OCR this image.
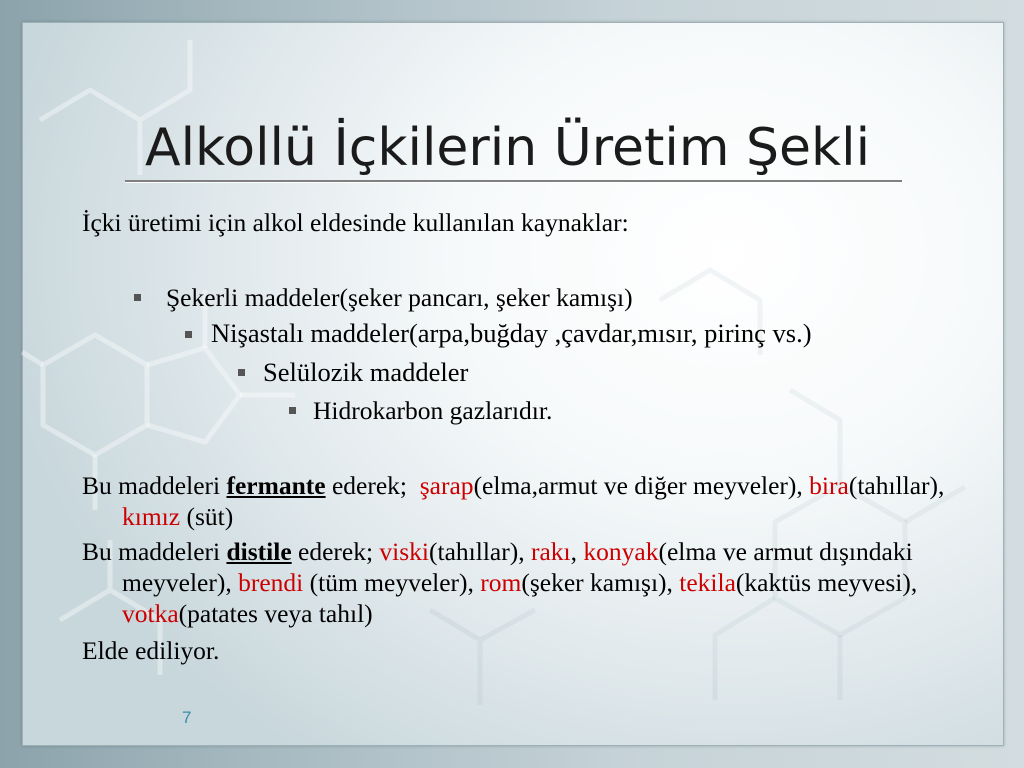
Alkollü İçkilerin Üretim Şekli
İçki üretimi için alkol eldesinde kullanılan kaynaklar:
Şekerli maddeler(şeker pancarı, şeker kamışı)
Nişastalı maddeler(arpa,buğday ,çavdar,mısır, pirinç vs.)
Selülozik maddeler
Hidrokarbon gazlarıdır.
Bu maddeleri fermante ederek;  şarap(elma,armut ve diğer meyveler), bira(tahıllar), kımız (süt)
Bu maddeleri distile ederek; viski(tahıllar), rakı, konyak(elma ve armut dışındaki meyveler), brendi (tüm meyveler), rom(şeker kamışı), tekila(kaktüs meyvesi), votka(patates veya tahıl)
Elde ediliyor.
7
